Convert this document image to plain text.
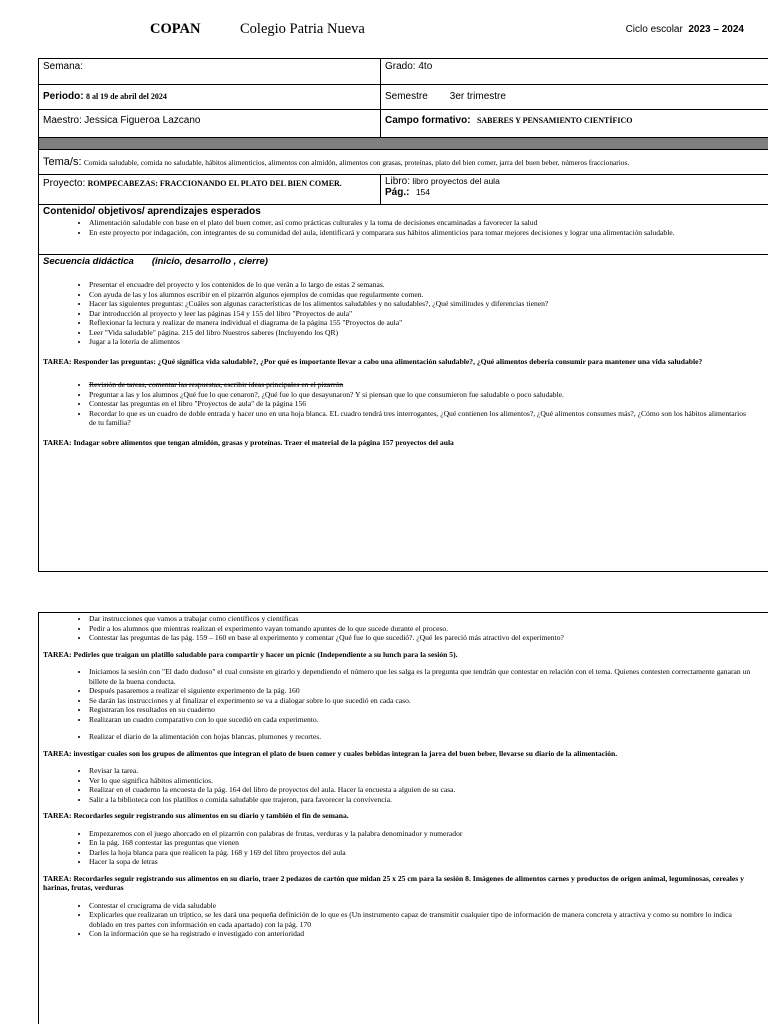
COPAN	Colegio Patria Nueva	Ciclo escolar 2023 – 2024
Semana:	Grado: 4to
Periodo: 8 al 19 de abril del 2024	Semestre 3er trimestre
Maestro: Jessica Figueroa Lazcano	Campo formativo: SABERES Y PENSAMIENTO CIENTÍFICO
Tema/s: Comida saludable, comida no saludable, hábitos alimenticios, alimentos con almidón, alimentos con grasas, proteínas, plato del bien comer, jarra del buen beber, números fraccionarios.
Proyecto: ROMPECABEZAS: FRACCIONANDO EL PLATO DEL BIEN COMER.	Libro: libro proyectos del aula
Pág.: 154
Contenido/ objetivos/ aprendizajes esperados
• Alimentación saludable con base en el plato del buen comer, así como prácticas culturales y la toma de decisiones encaminadas a favorecer la salud
• En este proyecto por indagación, con integrantes de su comunidad del aula, identificará y comparara sus hábitos alimenticios para tomar mejores decisiones y lograr una alimentación saludable.
Secuencia didáctica (inicio, desarrollo , cierre)
• Presentar el encuadre del proyecto y los contenidos de lo que verán a lo largo de estas 2 semanas.
• Con ayuda de las y los alumnos escribir en el pizarrón algunos ejemplos de comidas que regularmente comen.
• Hacer las siguientes preguntas: ¿Cuáles son algunas características de los alimentos saludables y no saludables?, ¿Qué similitudes y diferencias tienen?
• Dar introducción al proyecto y leer las páginas 154 y 155 del libro "Proyectos de aula"
• Reflexionar la lectura y realizar de manera individual el diagrama de la página 155 "Proyectos de aula"
• Leer "Vida saludable" página. 215 del libro Nuestros saberes (Incluyendo los QR)
• Jugar a la lotería de alimentos
TAREA: Responder las preguntas: ¿Qué significa vida saludable?, ¿Por qué es importante llevar a cabo una alimentación saludable?, ¿Qué alimentos debería consumir para mantener una vida saludable?
• Revisión de tareas, comentar las respuestas, escribir ideas principales en el pizarrón
• Preguntar a las y los alumnos ¿Qué fue lo que cenaron?, ¿Qué fue lo que desayunaron? Y si piensan que lo que consumieron fue saludable o poco saludable.
• Contestar las preguntas en el libro "Proyectos de aula" de la página 156
• Recordar lo que es un cuadro de doble entrada y hacer uno en una hoja blanca. EL cuadro tendrá tres interrogantes, ¿Qué contienen los alimentos?, ¿Qué alimentos consumes más?, ¿Cómo son los hábitos alimentarios de tu familia?
TAREA: Indagar sobre alimentos que tengan almidón, grasas y proteínas. Traer el material de la página 157 proyectos del aula
• Dar instrucciones que vamos a trabajar como científicos y científicas
• Pedir a los alumnos que mientras realizan el experimento vayan tomando apuntes de lo que sucede durante el proceso.
• Contestar las preguntas de las pág. 159 – 160 en base al experimento y comentar ¿Qué fue lo que sucedió?. ¿Qué les pareció más atractivo del experimento?
TAREA: Pedirles que traigan un platillo saludable para compartir y hacer un picnic (Independiente a su lunch para la sesión 5).
• Iniciamos la sesión con "El dado dudoso" el cual consiste en girarlo y dependiendo el número que les salga es la pregunta que tendrán que contestar en relación con el tema. Quienes contesten correctamente ganaran un billete de la buena conducta.
• Después pasaremos a realizar el siguiente experimento de la pág. 160
• Se darán las instrucciones y al finalizar el experimento se va a dialogar sobre lo que sucedió en cada caso.
• Registraran los resultados en su cuaderno
• Realizaran un cuadro comparativo con lo que sucedió en cada experimento.
• Realizar el diario de la alimentación con hojas blancas, plumones y recortes.
TAREA: investigar cuales son los grupos de alimentos que integran el plato de buen comer y cuales bebidas integran la jarra del buen beber, llevarse su diario de la alimentación.
• Revisar la tarea.
• Ver lo que significa hábitos alimenticios.
• Realizar en el cuaderno la encuesta de la pág. 164 del libro de proyectos del aula. Hacer la encuesta a alguien de su casa.
• Salir a la biblioteca con los platillos o comida saludable que trajeron, para favorecer la convivencia.
TAREA: Recordarles seguir registrando sus alimentos en su diario y también el fin de semana.
• Empezaremos con el juego ahorcado en el pizarrón con palabras de frutas, verduras y la palabra denominador y numerador
• En la pág. 168 contestar las preguntas que vienen
• Darles la hoja blanca para que realicen la pág. 168 y 169 del libro proyectos del aula
• Hacer la sopa de letras
TAREA: Recordarles seguir registrando sus alimentos en su diario, traer 2 pedazos de cartón que midan 25 x 25 cm para la sesión 8. Imágenes de alimentos carnes y productos de origen animal, leguminosas, cereales y harinas, frutas, verduras
• Contestar el crucigrama de vida saludable
• Explicarles que realizaran un tríptico, se les dará una pequeña definición de lo que es (Un instrumento capaz de transmitir cualquier tipo de información de manera concreta y atractiva y como su nombre lo indica doblado en tres partes con información en cada apartado) con la pág. 170
• Con la información que se ha registrado e investigado con anterioridad
